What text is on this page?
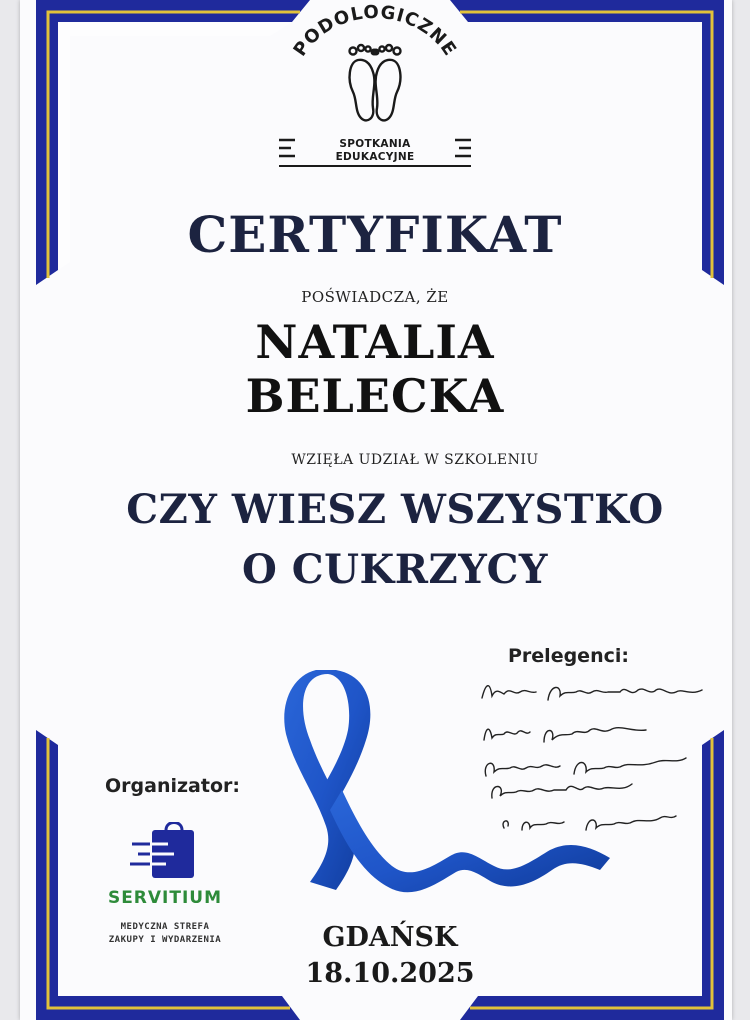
PODOLOGICZNE
SPOTKANIA
EDUKACYJNE
CERTYFIKAT
POŚWIADCZA, ŻE
NATALIA
BELECKA
WZIĘŁA UDZIAŁ W SZKOLENIU
CZY WIESZ WSZYSTKO
O CUKRZYCY
Prelegenci:
Organizator:
SERVITIUM
MEDYCZNA STREFA
ZAKUPY I WYDARZENIA	GDAŃSK
18.10.2025
